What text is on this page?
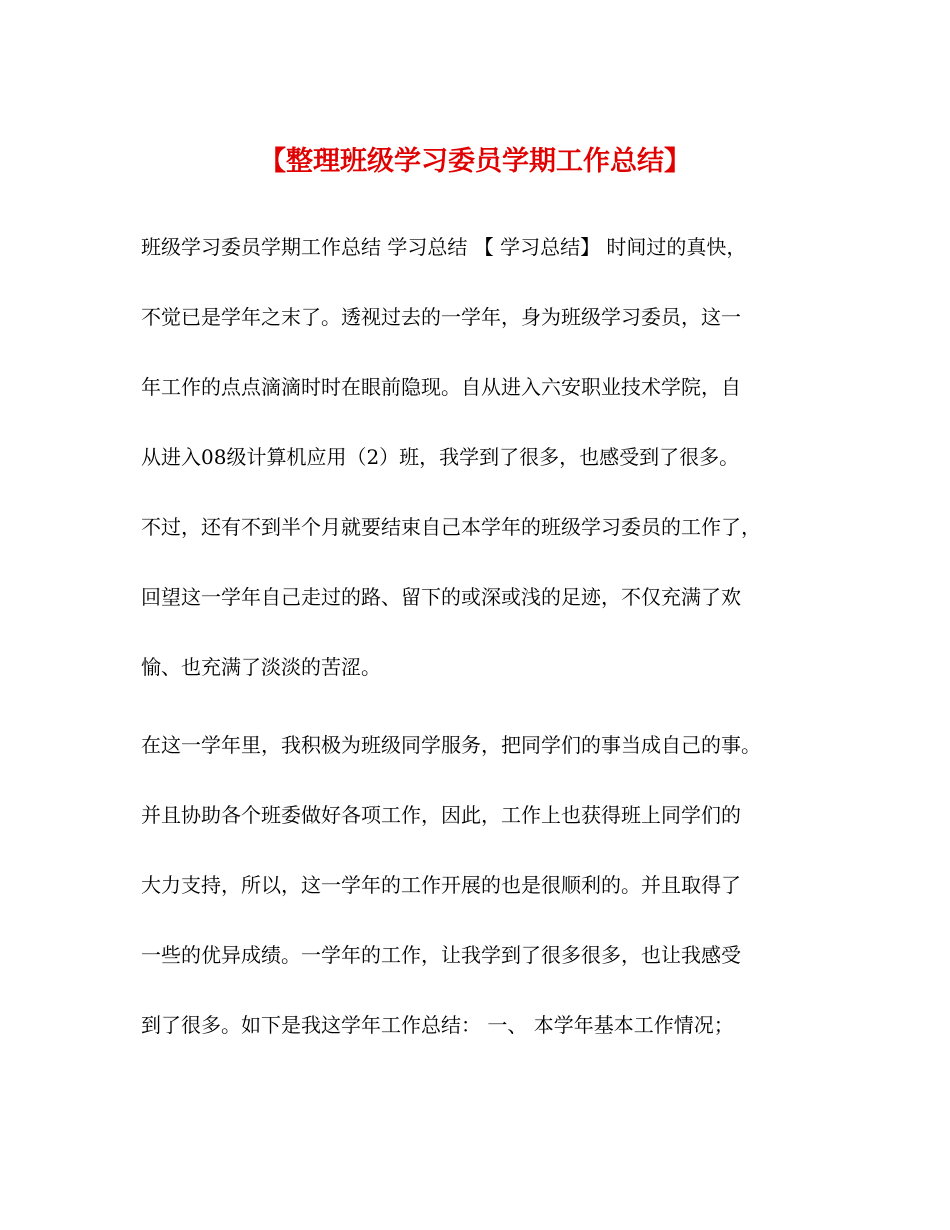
【整理班级学习委员学期工作总结】
班级学习委员学期工作总结 学习总结 【 学习总结】 时间过的真快，
不觉已是学年之末了。透视过去的一学年，身为班级学习委员，这一
年工作的点点滴滴时时在眼前隐现。自从进入六安职业技术学院，自
从进入08级计算机应用（2）班，我学到了很多，也感受到了很多。
不过，还有不到半个月就要结束自己本学年的班级学习委员的工作了，
回望这一学年自己走过的路、留下的或深或浅的足迹，不仅充满了欢
愉、也充满了淡淡的苦涩。
在这一学年里，我积极为班级同学服务，把同学们的事当成自己的事。
并且协助各个班委做好各项工作，因此，工作上也获得班上同学们的
大力支持，所以，这一学年的工作开展的也是很顺利的。并且取得了
一些的优异成绩。一学年的工作，让我学到了很多很多，也让我感受
到了很多。如下是我这学年工作总结： 一、 本学年基本工作情况；
